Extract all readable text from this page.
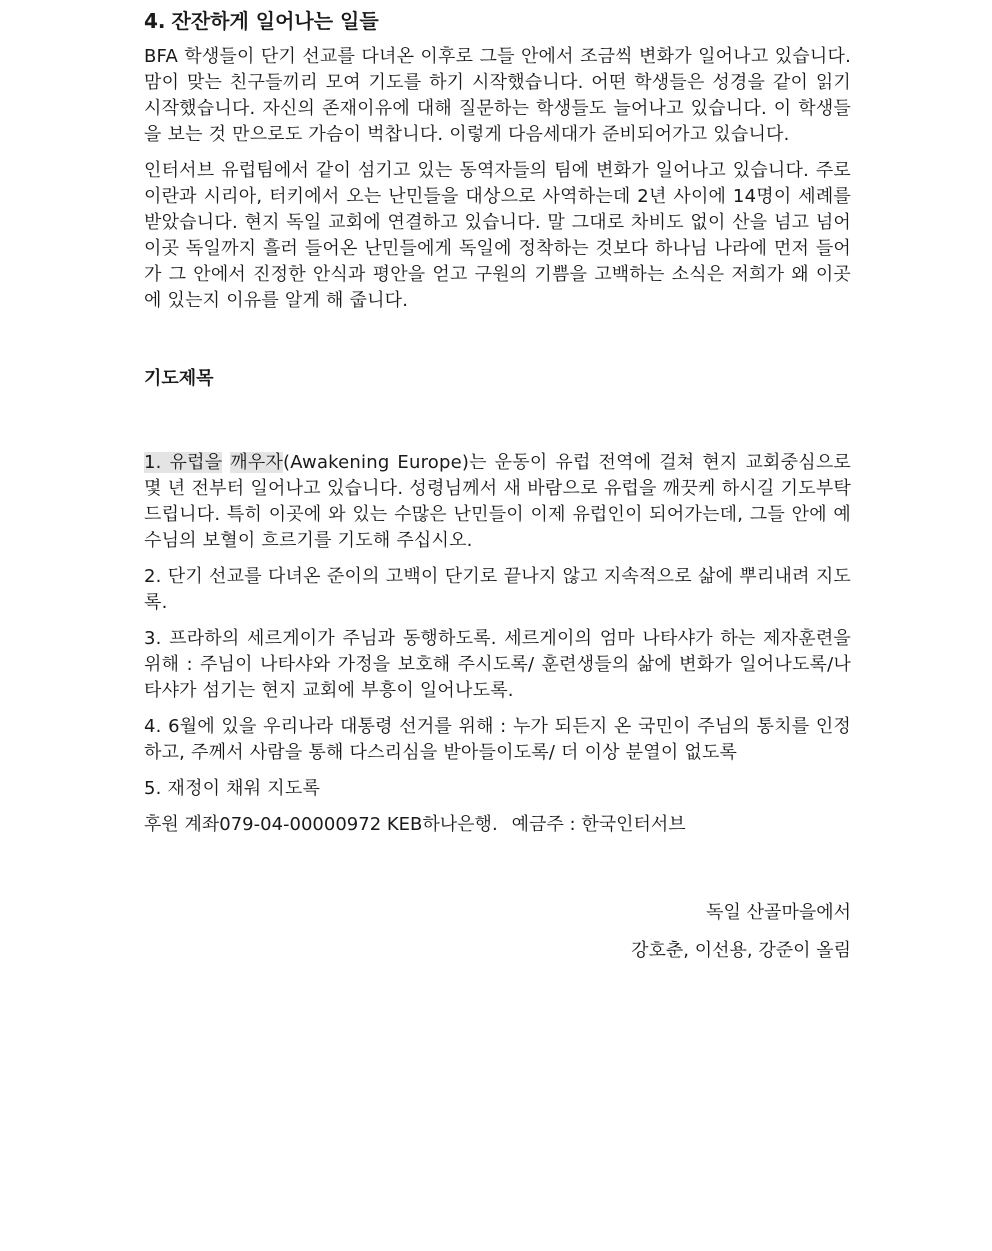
4. 잔잔하게 일어나는 일들

BFA 학생들이 단기 선교를 다녀온 이후로 그들 안에서 조금씩 변화가 일어나고 있습니다. 맘이 맞는 친구들끼리 모여 기도를 하기 시작했습니다. 어떤 학생들은 성경을 같이 읽기 시작했습니다. 자신의 존재이유에 대해 질문하는 학생들도 늘어나고 있습니다. 이 학생들을 보는 것 만으로도 가슴이 벅찹니다. 이렇게 다음세대가 준비되어가고 있습니다.

인터서브 유럽팀에서 같이 섬기고 있는 동역자들의 팀에 변화가 일어나고 있습니다. 주로 이란과 시리아, 터키에서 오는 난민들을 대상으로 사역하는데 2년 사이에 14명이 세례를 받았습니다. 현지 독일 교회에 연결하고 있습니다. 말 그대로 차비도 없이 산을 넘고 넘어 이곳 독일까지 흘러 들어온 난민들에게 독일에 정착하는 것보다 하나님 나라에 먼저 들어가 그 안에서 진정한 안식과 평안을 얻고 구원의 기쁨을 고백하는 소식은 저희가 왜 이곳에 있는지 이유를 알게 해 줍니다.

기도제목

1. 유럽을 깨우자(Awakening Europe)는 운동이 유럽 전역에 걸쳐 현지 교회중심으로 몇 년 전부터 일어나고 있습니다. 성령님께서 새 바람으로 유럽을 깨끗케 하시길 기도부탁 드립니다. 특히 이곳에 와 있는 수많은 난민들이 이제 유럽인이 되어가는데, 그들 안에 예수님의 보혈이 흐르기를 기도해 주십시오.

2. 단기 선교를 다녀온 준이의 고백이 단기로 끝나지 않고 지속적으로 삶에 뿌리내려 지도록.

3. 프라하의 세르게이가 주님과 동행하도록. 세르게이의 엄마 나타샤가 하는 제자훈련을 위해 : 주님이 나타샤와 가정을 보호해 주시도록/ 훈련생들의 삶에 변화가 일어나도록/나타샤가 섬기는 현지 교회에 부흥이 일어나도록.

4. 6월에 있을 우리나라 대통령 선거를 위해 : 누가 되든지 온 국민이 주님의 통치를 인정하고, 주께서 사람을 통해 다스리심을 받아들이도록/ 더 이상 분열이 없도록

5. 재정이 채워 지도록

후원 계좌079-04-00000972 KEB하나은행. 예금주 : 한국인터서브
독일 산골마을에서
강호춘, 이선용, 강준이 올림
